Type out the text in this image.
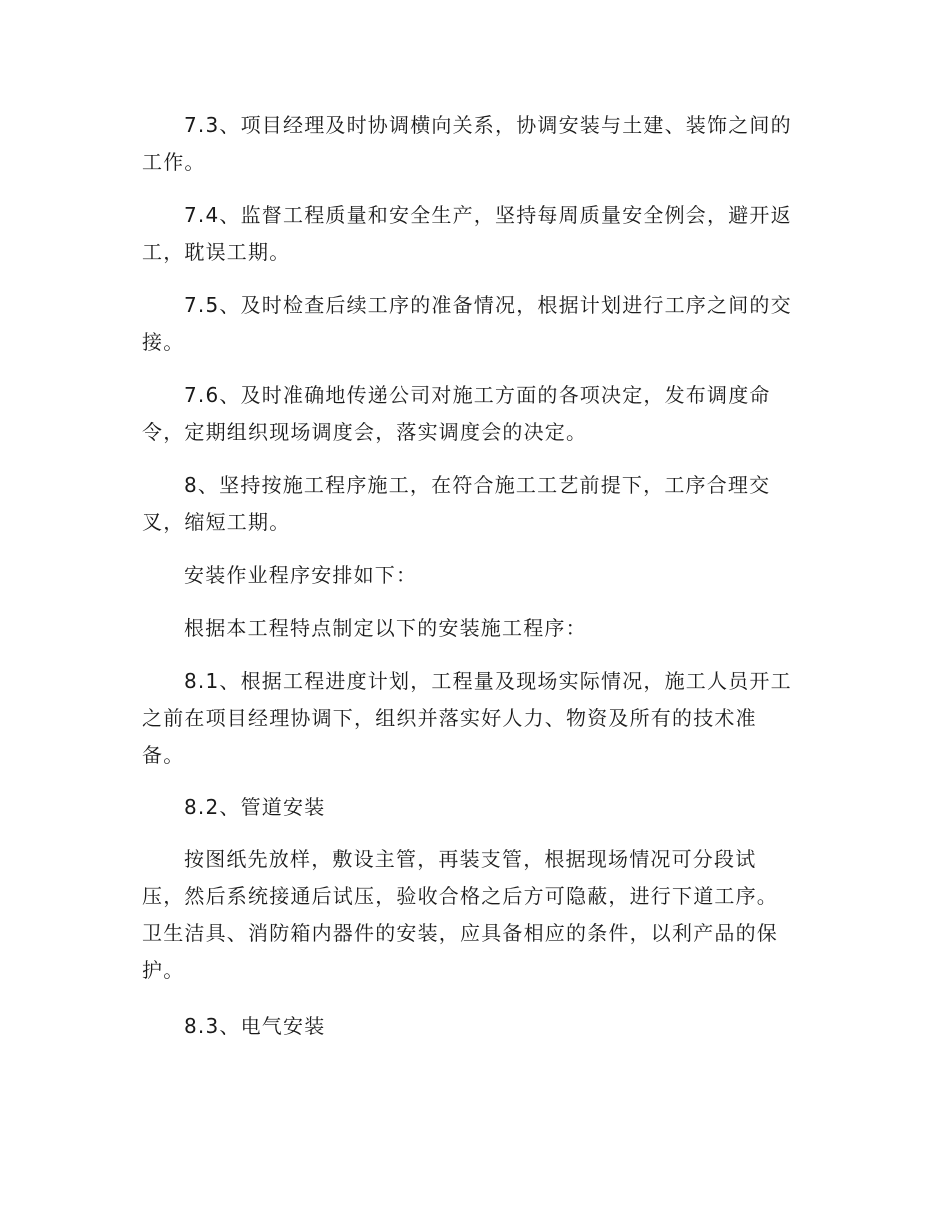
7.3、项目经理及时协调横向关系，协调安装与土建、装饰之间的
工作。

7.4、监督工程质量和安全生产，坚持每周质量安全例会，避开返
工，耽误工期。

7.5、及时检查后续工序的准备情况，根据计划进行工序之间的交
接。

7.6、及时准确地传递公司对施工方面的各项决定，发布调度命
令，定期组织现场调度会，落实调度会的决定。

8、坚持按施工程序施工，在符合施工工艺前提下，工序合理交
叉，缩短工期。

安装作业程序安排如下：

根据本工程特点制定以下的安装施工程序：

8.1、根据工程进度计划，工程量及现场实际情况，施工人员开工
之前在项目经理协调下，组织并落实好人力、物资及所有的技术准
备。

8.2、管道安装

按图纸先放样，敷设主管，再装支管，根据现场情况可分段试
压，然后系统接通后试压，验收合格之后方可隐蔽，进行下道工序。
卫生洁具、消防箱内器件的安装，应具备相应的条件，以利产品的保
护。

8.3、电气安装
